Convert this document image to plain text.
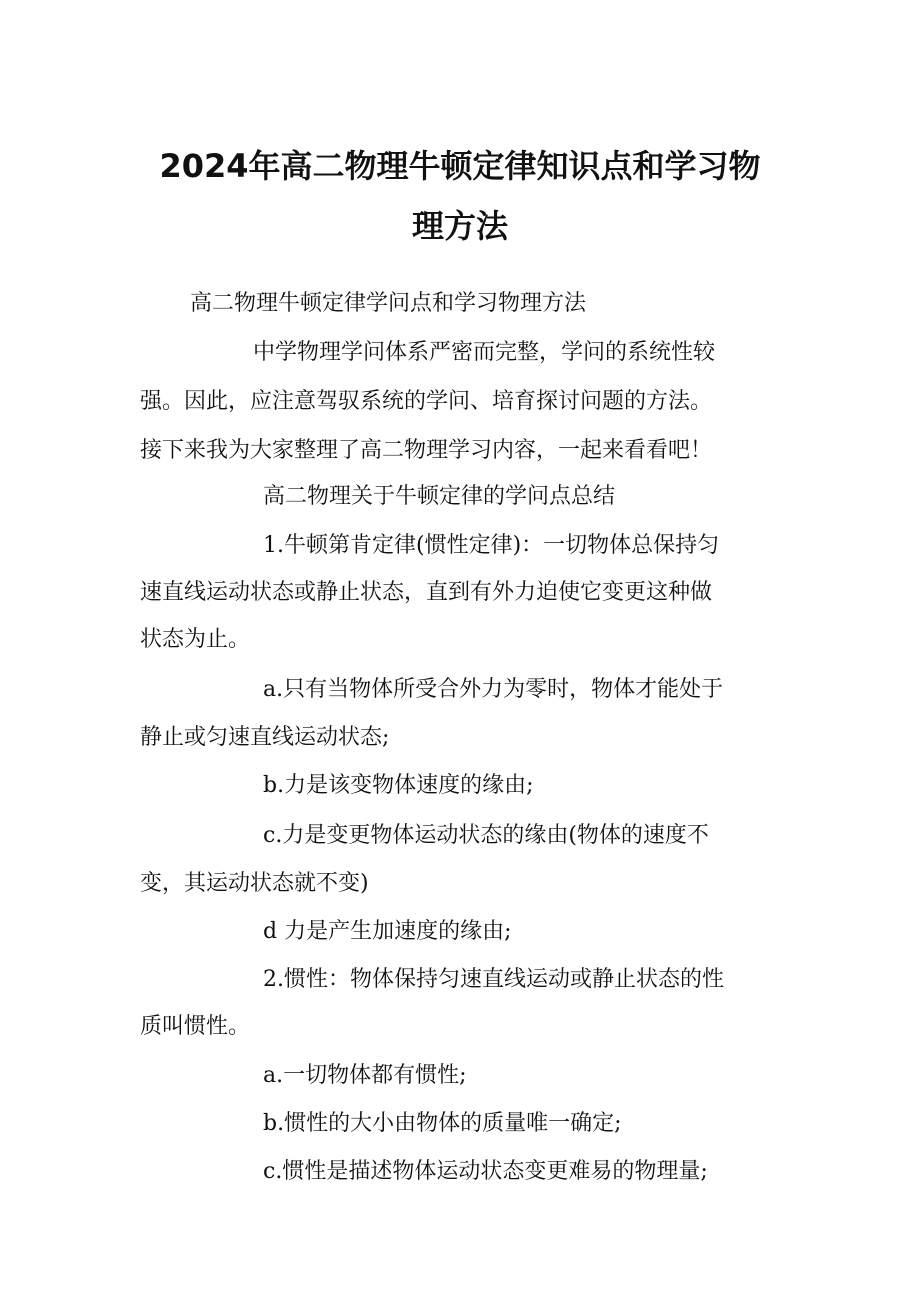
2024年高二物理牛顿定律知识点和学习物
理方法
高二物理牛顿定律学问点和学习物理方法
中学物理学问体系严密而完整，学问的系统性较
强。因此，应注意驾驭系统的学问、培育探讨问题的方法。
接下来我为大家整理了高二物理学习内容，一起来看看吧！
高二物理关于牛顿定律的学问点总结
1.牛顿第肯定律(惯性定律)：一切物体总保持匀
速直线运动状态或静止状态，直到有外力迫使它变更这种做
状态为止。
a.只有当物体所受合外力为零时，物体才能处于
静止或匀速直线运动状态;
b.力是该变物体速度的缘由;
c.力是变更物体运动状态的缘由(物体的速度不
变，其运动状态就不变)
d 力是产生加速度的缘由;
2.惯性：物体保持匀速直线运动或静止状态的性
质叫惯性。
a.一切物体都有惯性;
b.惯性的大小由物体的质量唯一确定;
c.惯性是描述物体运动状态变更难易的物理量;
